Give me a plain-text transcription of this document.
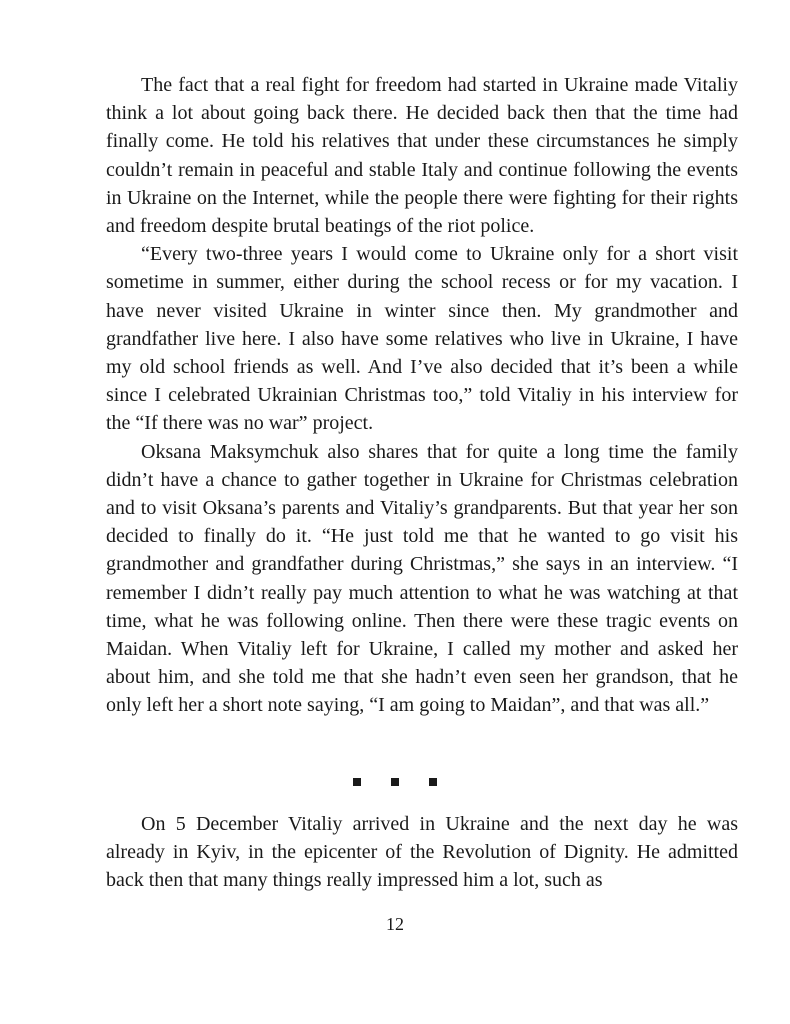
The fact that a real fight for freedom had started in Ukraine made Vitaliy think a lot about going back there. He decided back then that the time had finally come. He told his relatives that under these circumstances he simply couldn’t remain in peaceful and stable Italy and continue following the events in Ukraine on the Internet, while the people there were fighting for their rights and freedom despite brutal beatings of the riot police.

“Every two-three years I would come to Ukraine only for a short visit sometime in summer, either during the school recess or for my vacation. I have never visited Ukraine in winter since then. My grandmother and grandfather live here. I also have some relatives who live in Ukraine, I have my old school friends as well. And I’ve also decided that it’s been a while since I celebrated Ukrainian Christmas too,” told Vitaliy in his interview for the “If there was no war” project.

Oksana Maksymchuk also shares that for quite a long time the family didn’t have a chance to gather together in Ukraine for Christmas celebration and to visit Oksana’s parents and Vitaliy’s grandparents. But that year her son decided to finally do it. “He just told me that he wanted to go visit his grandmother and grandfather during Christmas,” she says in an interview. “I remember I didn’t really pay much attention to what he was watching at that time, what he was following online. Then there were these tragic events on Maidan. When Vitaliy left for Ukraine, I called my mother and asked her about him, and she told me that she hadn’t even seen her grandson, that he only left her a short note saying, “I am going to Maidan”, and that was all.”

On 5 December Vitaliy arrived in Ukraine and the next day he was already in Kyiv, in the epicenter of the Revolution of Dignity. He admitted back then that many things really impressed him a lot, such as

12
